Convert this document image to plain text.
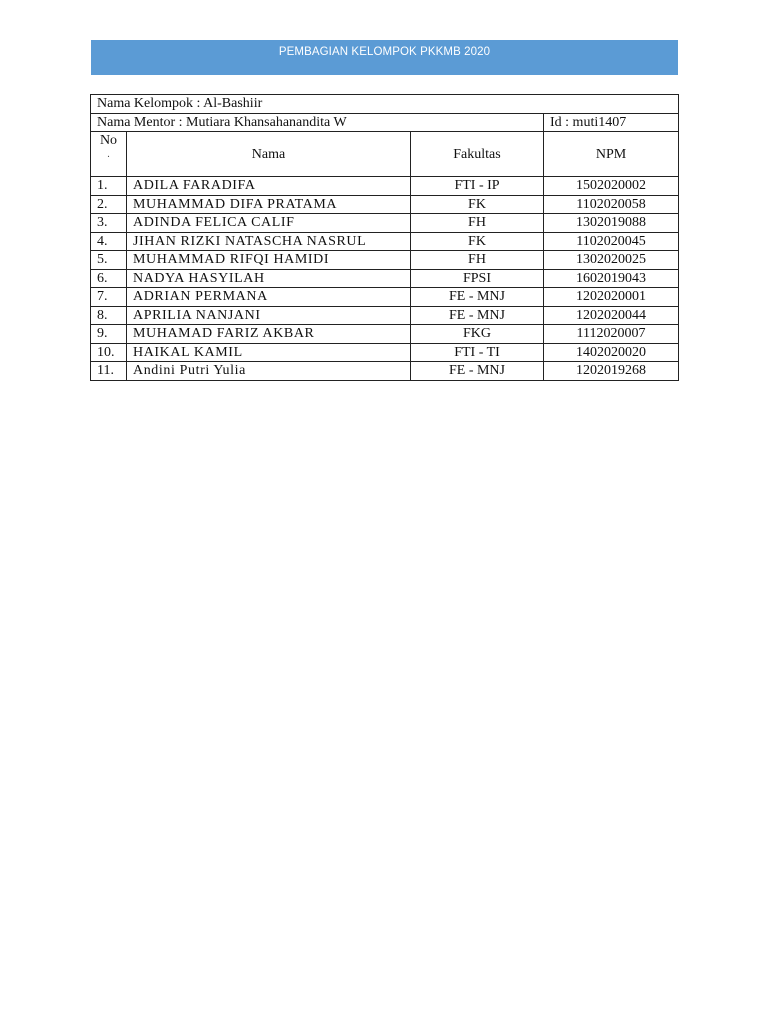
PEMBAGIAN KELOMPOK PKKMB 2020
Nama Kelompok : Al-Bashiir			
Nama Mentor : Mutiara Khansahanandita W			Id : muti1407
No
.	Nama	Fakultas	NPM
1.	ADILA FARADIFA	FTI - IP	1502020002
2.	MUHAMMAD DIFA PRATAMA	FK	1102020058
3.	ADINDA FELICA CALIF	FH	1302019088
4.	JIHAN RIZKI NATASCHA NASRUL	FK	1102020045
5.	MUHAMMAD RIFQI HAMIDI	FH	1302020025
6.	NADYA HASYILAH	FPSI	1602019043
7.	ADRIAN PERMANA	FE - MNJ	1202020001
8.	APRILIA NANJANI	FE - MNJ	1202020044
9.	MUHAMAD FARIZ AKBAR	FKG	1112020007
10.	HAIKAL KAMIL	FTI - TI	1402020020
11.	Andini Putri Yulia	FE - MNJ	1202019268
